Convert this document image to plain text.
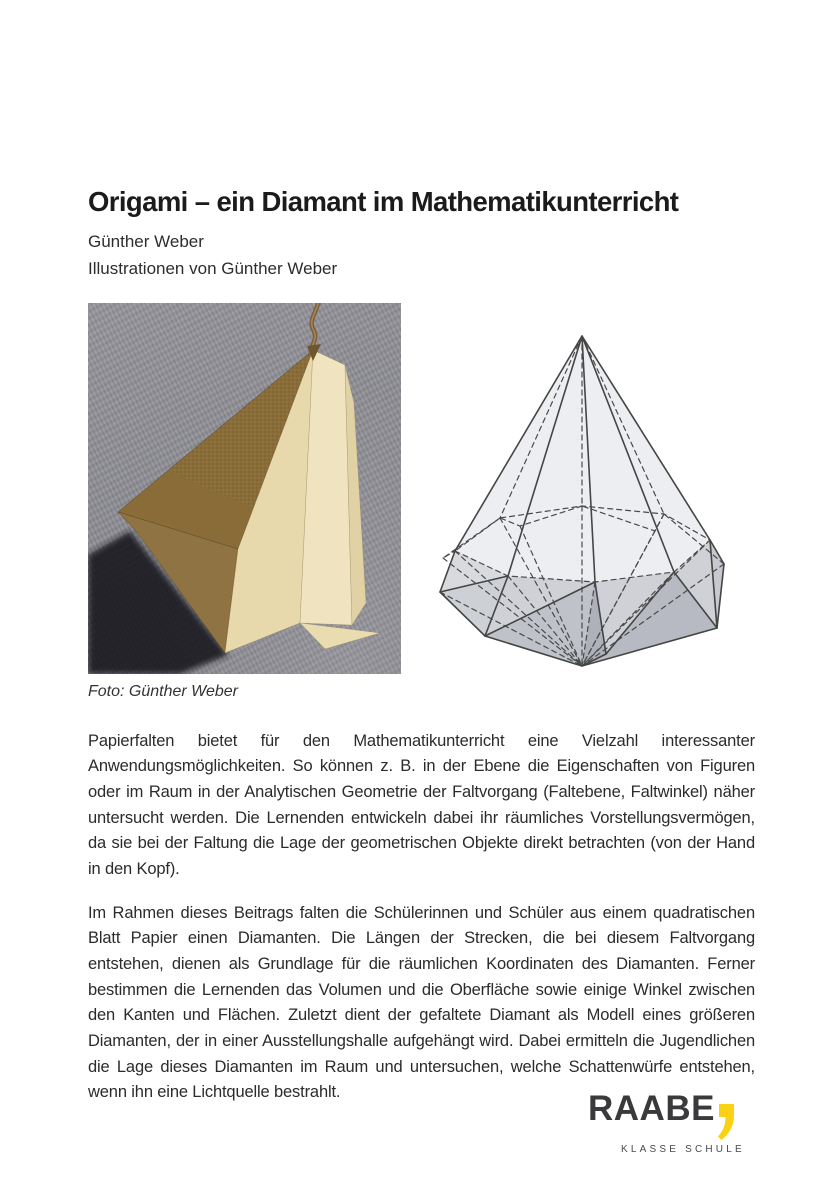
Origami – ein Diamant im Mathematikunterricht
Günther Weber
Illustrationen von Günther Weber
Foto: Günther Weber

Papierfalten bietet für den Mathematikunterricht eine Vielzahl interessanter Anwendungsmöglichkeiten. So können z. B. in der Ebene die Eigenschaften von Figuren oder im Raum in der Analytischen Geometrie der Faltvorgang (Faltebene, Faltwinkel) näher untersucht werden. Die Lernenden entwickeln dabei ihr räumliches Vorstellungsvermögen, da sie bei der Faltung die Lage der geometrischen Objekte direkt betrachten (von der Hand in den Kopf).

Im Rahmen dieses Beitrags falten die Schülerinnen und Schüler aus einem quadratischen Blatt Papier einen Diamanten. Die Längen der Strecken, die bei diesem Faltvorgang entstehen, dienen als Grundlage für die räumlichen Koordinaten des Diamanten. Ferner bestimmen die Lernenden das Volumen und die Oberfläche sowie einige Winkel zwischen den Kanten und Flächen. Zuletzt dient der gefaltete Diamant als Modell eines größeren Diamanten, der in einer Ausstellungshalle aufgehängt wird. Dabei ermitteln die Jugendlichen die Lage dieses Diamanten im Raum und untersuchen, welche Schattenwürfe entstehen, wenn ihn eine Lichtquelle bestrahlt.	RAABE
KLASSE SCHULE
